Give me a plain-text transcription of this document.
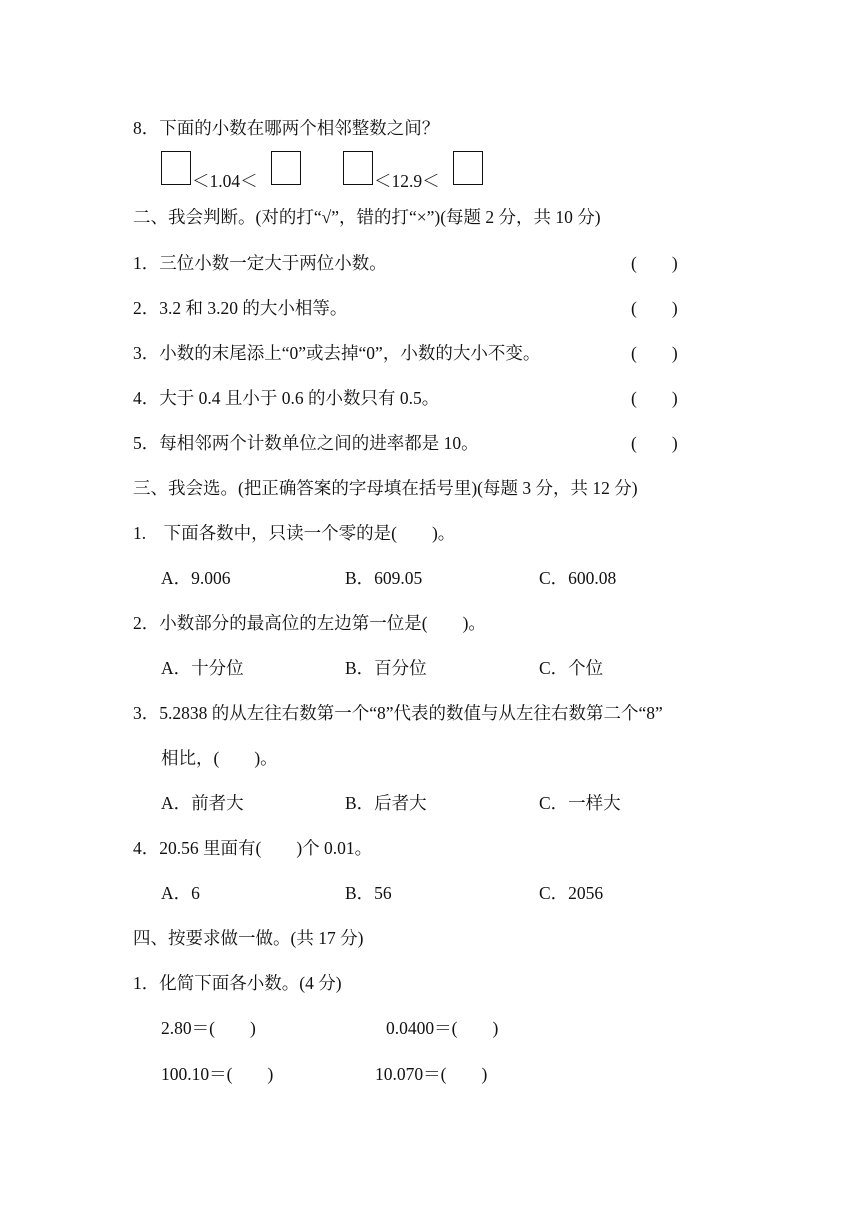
8．下面的小数在哪两个相邻整数之间？
＜1.04＜	＜12.9＜
二、我会判断。(对的打“√”，错的打“×”)(每题 2 分，共 10 分)
1．三位小数一定大于两位小数。	(　　)
2．3.2 和 3.20 的大小相等。	(　　)
3．小数的末尾添上“0”或去掉“0”，小数的大小不变。	(　　)
4．大于 0.4 且小于 0.6 的小数只有 0.5。	(　　)
5．每相邻两个计数单位之间的进率都是 10。	(　　)
三、我会选。(把正确答案的字母填在括号里)(每题 3 分，共 12 分)
1.　下面各数中，只读一个零的是(　　)。
A．9.006	B．609.05	C．600.08
2．小数部分的最高位的左边第一位是(　　)。
A．十分位	B．百分位	C．个位
3．5.2838 的从左往右数第一个“8”代表的数值与从左往右数第二个“8”
相比，(　　)。
A．前者大	B．后者大	C．一样大
4．20.56 里面有(　　)个 0.01。
A．6	B．56	C．2056
四、按要求做一做。(共 17 分)
1．化简下面各小数。(4 分)
2.80＝(　　)	0.0400＝(　　)
100.10＝(　　)	10.070＝(　　)
